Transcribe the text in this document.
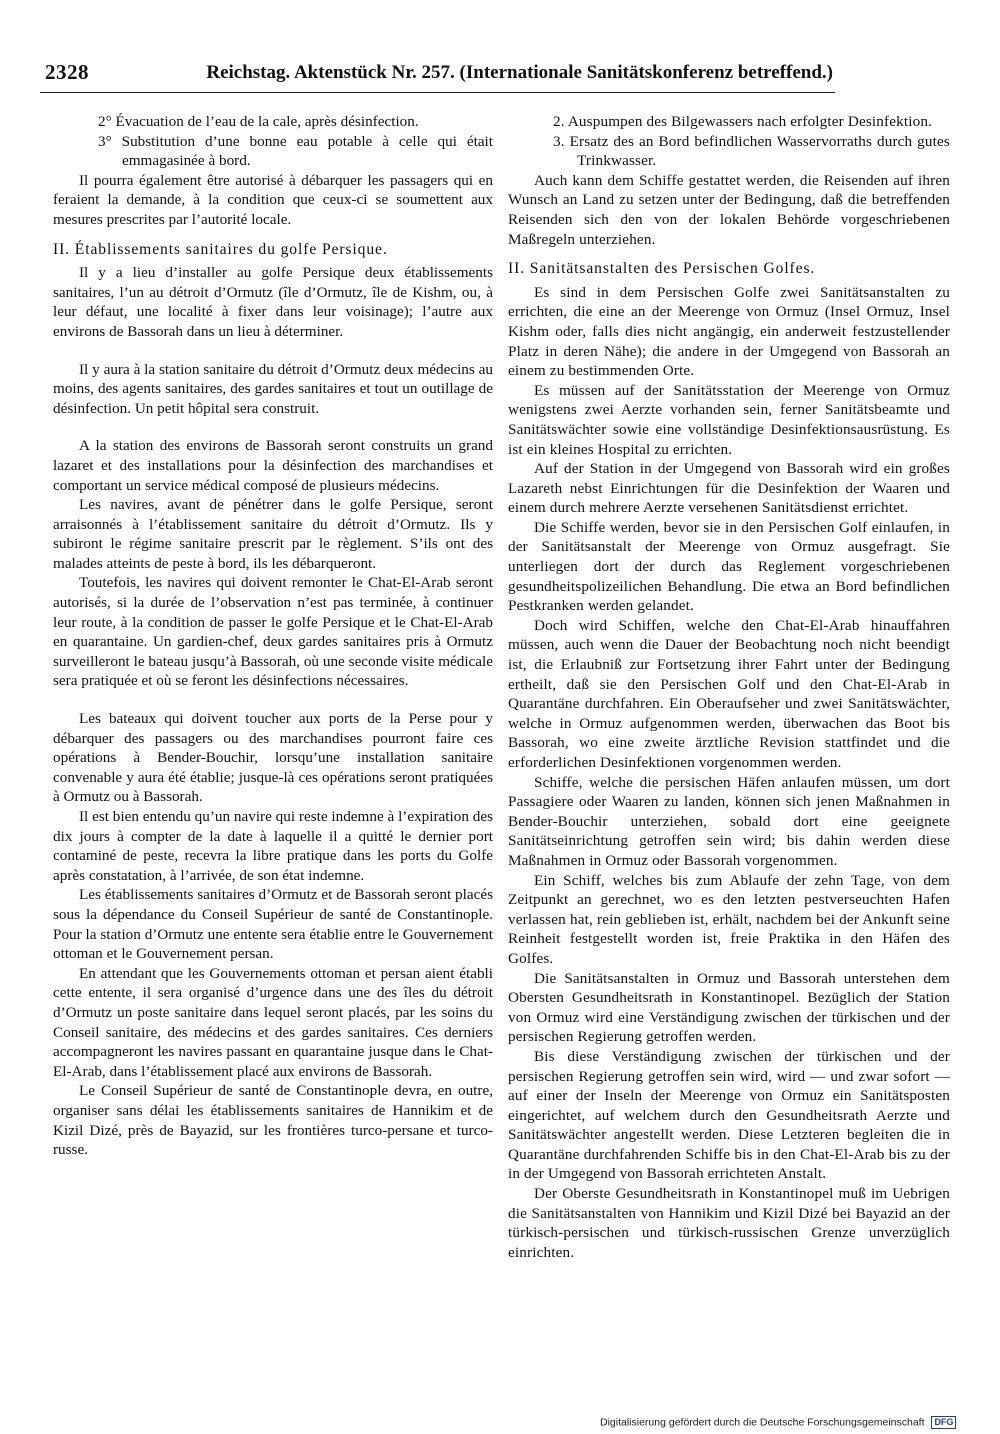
2328	Reichstag. Aktenstück Nr. 257. (Internationale Sanitätskonferenz betreffend.)

2° Évacuation de l’eau de la cale, après désinfection.

3° Substitution d’une bonne eau potable à celle qui était emmagasinée à bord.

Il pourra également être autorisé à débarquer les passagers qui en feraient la demande, à la condition que ceux-ci se soumettent aux mesures prescrites par l’autorité locale.

II. Établissements sanitaires du golfe Persique.

Il y a lieu d’installer au golfe Persique deux établissements sanitaires, l’un au détroit d’Ormutz (île d’Ormutz, île de Kishm, ou, à leur défaut, une localité à fixer dans leur voisinage); l’autre aux environs de Bassorah dans un lieu à déterminer.

Il y aura à la station sanitaire du détroit d’Ormutz deux médecins au moins, des agents sanitaires, des gardes sanitaires et tout un outillage de désinfection. Un petit hôpital sera construit.

A la station des environs de Bassorah seront construits un grand lazaret et des installations pour la désinfection des marchandises et comportant un service médical composé de plusieurs médecins.

Les navires, avant de pénétrer dans le golfe Persique, seront arraisonnés à l’établissement sanitaire du détroit d’Ormutz. Ils y subiront le régime sanitaire prescrit par le règlement. S’ils ont des malades atteints de peste à bord, ils les débarqueront.

Toutefois, les navires qui doivent remonter le Chat-El-Arab seront autorisés, si la durée de l’observation n’est pas terminée, à continuer leur route, à la condition de passer le golfe Persique et le Chat-El-Arab en quarantaine. Un gardien-chef, deux gardes sanitaires pris à Ormutz surveilleront le bateau jusqu’à Bassorah, où une seconde visite médicale sera pratiquée et où se feront les désinfections nécessaires.

Les bateaux qui doivent toucher aux ports de la Perse pour y débarquer des passagers ou des marchandises pourront faire ces opérations à Bender-Bouchir, lorsqu’une installation sanitaire convenable y aura été établie; jusque-là ces opérations seront pratiquées à Ormutz ou à Bassorah.

Il est bien entendu qu’un navire qui reste indemne à l’expiration des dix jours à compter de la date à laquelle il a quitté le dernier port contaminé de peste, recevra la libre pratique dans les ports du Golfe après constatation, à l’arrivée, de son état indemne.

Les établissements sanitaires d’Ormutz et de Bassorah seront placés sous la dépendance du Conseil Supérieur de santé de Constantinople. Pour la station d’Ormutz une entente sera établie entre le Gouvernement ottoman et le Gouvernement persan.

En attendant que les Gouvernements ottoman et persan aient établi cette entente, il sera organisé d’urgence dans une des îles du détroit d’Ormutz un poste sanitaire dans lequel seront placés, par les soins du Conseil sanitaire, des médecins et des gardes sanitaires. Ces derniers accompagneront les navires passant en quarantaine jusque dans le Chat-El-Arab, dans l’établissement placé aux environs de Bassorah.

Le Conseil Supérieur de santé de Constantinople devra, en outre, organiser sans délai les établissements sanitaires de Hannikim et de Kizil Dizé, près de Bayazid, sur les frontières turco-persane et turco-russe.

2. Auspumpen des Bilgewassers nach erfolgter Desinfektion.

3. Ersatz des an Bord befindlichen Wasservorraths durch gutes Trinkwasser.

Auch kann dem Schiffe gestattet werden, die Reisenden auf ihren Wunsch an Land zu setzen unter der Bedingung, daß die betreffenden Reisenden sich den von der lokalen Behörde vorgeschriebenen Maßregeln unterziehen.

II. Sanitätsanstalten des Persischen Golfes.

Es sind in dem Persischen Golfe zwei Sanitätsanstalten zu errichten, die eine an der Meerenge von Ormuz (Insel Ormuz, Insel Kishm oder, falls dies nicht angängig, ein anderweit festzustellender Platz in deren Nähe); die andere in der Umgegend von Bassorah an einem zu bestimmenden Orte.

Es müssen auf der Sanitätsstation der Meerenge von Ormuz wenigstens zwei Aerzte vorhanden sein, ferner Sanitätsbeamte und Sanitätswächter sowie eine vollständige Desinfektionsausrüstung. Es ist ein kleines Hospital zu errichten.

Auf der Station in der Umgegend von Bassorah wird ein großes Lazareth nebst Einrichtungen für die Desinfektion der Waaren und einem durch mehrere Aerzte versehenen Sanitätsdienst errichtet.

Die Schiffe werden, bevor sie in den Persischen Golf einlaufen, in der Sanitätsanstalt der Meerenge von Ormuz ausgefragt. Sie unterliegen dort der durch das Reglement vorgeschriebenen gesundheitspolizeilichen Behandlung. Die etwa an Bord befindlichen Pestkranken werden gelandet.

Doch wird Schiffen, welche den Chat-El-Arab hinauffahren müssen, auch wenn die Dauer der Beobachtung noch nicht beendigt ist, die Erlaubniß zur Fortsetzung ihrer Fahrt unter der Bedingung ertheilt, daß sie den Persischen Golf und den Chat-El-Arab in Quarantäne durchfahren. Ein Oberaufseher und zwei Sanitätswächter, welche in Ormuz aufgenommen werden, überwachen das Boot bis Bassorah, wo eine zweite ärztliche Revision stattfindet und die erforderlichen Desinfektionen vorgenommen werden.

Schiffe, welche die persischen Häfen anlaufen müssen, um dort Passagiere oder Waaren zu landen, können sich jenen Maßnahmen in Bender-Bouchir unterziehen, sobald dort eine geeignete Sanitätseinrichtung getroffen sein wird; bis dahin werden diese Maßnahmen in Ormuz oder Bassorah vorgenommen.

Ein Schiff, welches bis zum Ablaufe der zehn Tage, von dem Zeitpunkt an gerechnet, wo es den letzten pestverseuchten Hafen verlassen hat, rein geblieben ist, erhält, nachdem bei der Ankunft seine Reinheit festgestellt worden ist, freie Praktika in den Häfen des Golfes.

Die Sanitätsanstalten in Ormuz und Bassorah unterstehen dem Obersten Gesundheitsrath in Konstantinopel. Bezüglich der Station von Ormuz wird eine Verständigung zwischen der türkischen und der persischen Regierung getroffen werden.

Bis diese Verständigung zwischen der türkischen und der persischen Regierung getroffen sein wird, wird — und zwar sofort — auf einer der Inseln der Meerenge von Ormuz ein Sanitätsposten eingerichtet, auf welchem durch den Gesundheitsrath Aerzte und Sanitätswächter angestellt werden. Diese Letzteren begleiten die in Quarantäne durchfahrenden Schiffe bis in den Chat-El-Arab bis zu der in der Umgegend von Bassorah errichteten Anstalt.

Der Oberste Gesundheitsrath in Konstantinopel muß im Uebrigen die Sanitätsanstalten von Hannikim und Kizil Dizé bei Bayazid an der türkisch-persischen und türkisch-russischen Grenze unverzüglich einrichten.

Digitalisierung gefördert durch die Deutsche Forschungsgemeinschaft DFG
